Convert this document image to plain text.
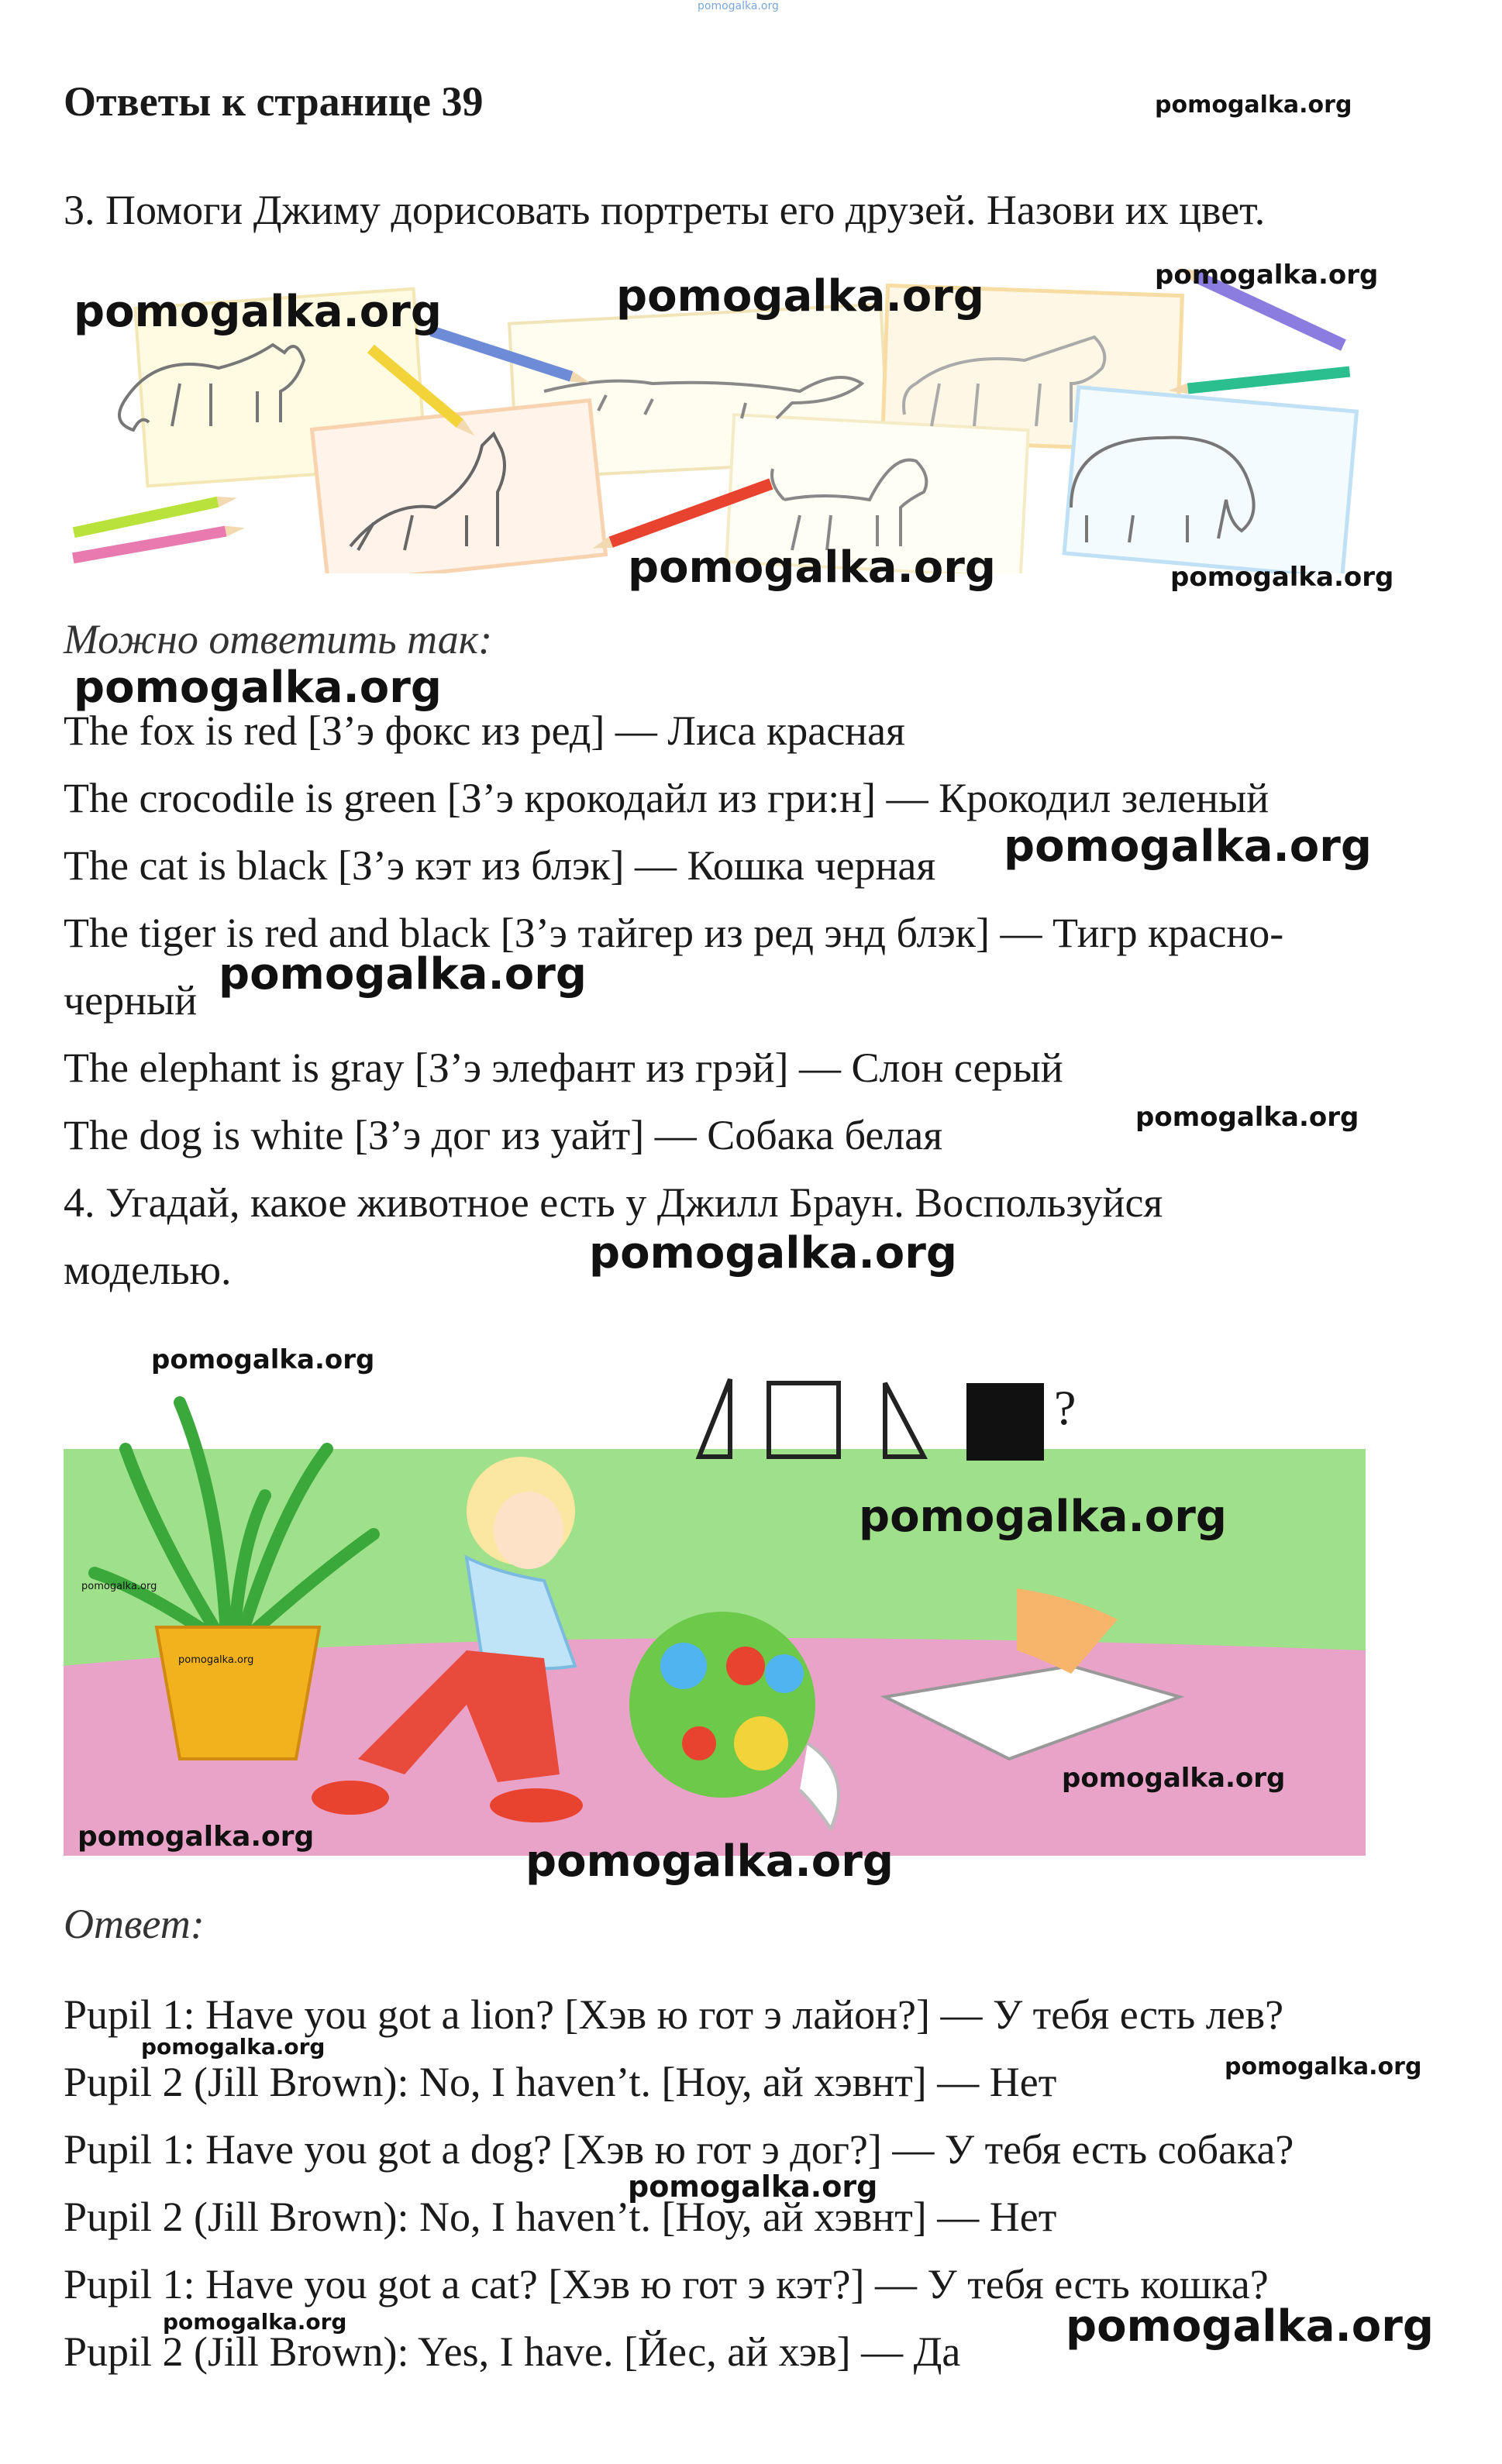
pomogalka.org
Ответы к странице 39	pomogalka.org
3. Помоги Джиму дорисовать портреты его друзей. Назови их цвет.
pomogalka.org	pomogalka.org	pomogalka.org
pomogalka.org	pomogalka.org
Можно ответить так:
pomogalka.org
The fox is red [З’э фокс из ред] — Лиса красная
The crocodile is green [З’э крокодайл из гри:н] — Крокодил зеленый
The cat is black [З’э кэт из блэк] — Кошка черная pomogalka.org
The tiger is red and black [З’э тайгер из ред энд блэк] — Тигр красно-
черный
pomogalka.org
The elephant is gray [З’э элефант из грэй] — Слон серый
The dog is white [З’э дог из уайт] — Собака белая	pomogalka.org
4. Угадай, какое животное есть у Джилл Браун. Воспользуйся
моделью.	pomogalka.org
?
pomogalka.org
pomogalka.org
pomogalka.org
pomogalka.org
pomogalka.org
pomogalka.org	pomogalka.org
Ответ:
Pupil 1: Have you got a lion? [Хэв ю гот э лайон?] — У тебя есть лев?
pomogalka.org
Pupil 2 (Jill Brown): No, I haven’t. [Ноу, ай хэвнт] — Нет	pomogalka.org
Pupil 1: Have you got a dog? [Хэв ю гот э дог?] — У тебя есть собака?
pomogalka.org
Pupil 2 (Jill Brown): No, I haven’t. [Ноу, ай хэвнт] — Нет
Pupil 1: Have you got a cat? [Хэв ю гот э кэт?] — У тебя есть кошка?
Pupil 2 (Jill Brown): Yes, I have. [Йес, ай хэв] — Да pomogalka.org
pomogalka.org
